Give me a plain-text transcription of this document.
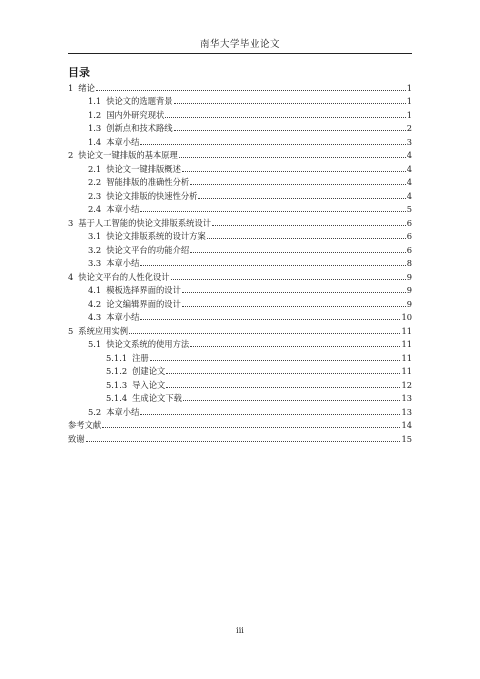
南华大学毕业论文
目录
1 绪论	1
1.1 快论文的选题背景	1
1.2 国内外研究现状	1
1.3 创新点和技术路线	2
1.4 本章小结	3
2 快论文一键排版的基本原理	4
2.1 快论文一键排版概述	4
2.2 智能排版的准确性分析	4
2.3 快论文排版的快速性分析	4
2.4 本章小结	5
3 基于人工智能的快论文排版系统设计	6
3.1 快论文排版系统的设计方案	6
3.2 快论文平台的功能介绍	6
3.3 本章小结	8
4 快论文平台的人性化设计	9
4.1 模板选择界面的设计	9
4.2 论文编辑界面的设计	9
4.3 本章小结	10
5 系统应用实例	11
5.1 快论文系统的使用方法	11
5.1.1 注册	11
5.1.2 创建论文	11
5.1.3 导入论文	12
5.1.4 生成论文下载	13
5.2 本章小结	13
参考文献	14
致谢	15
iii
